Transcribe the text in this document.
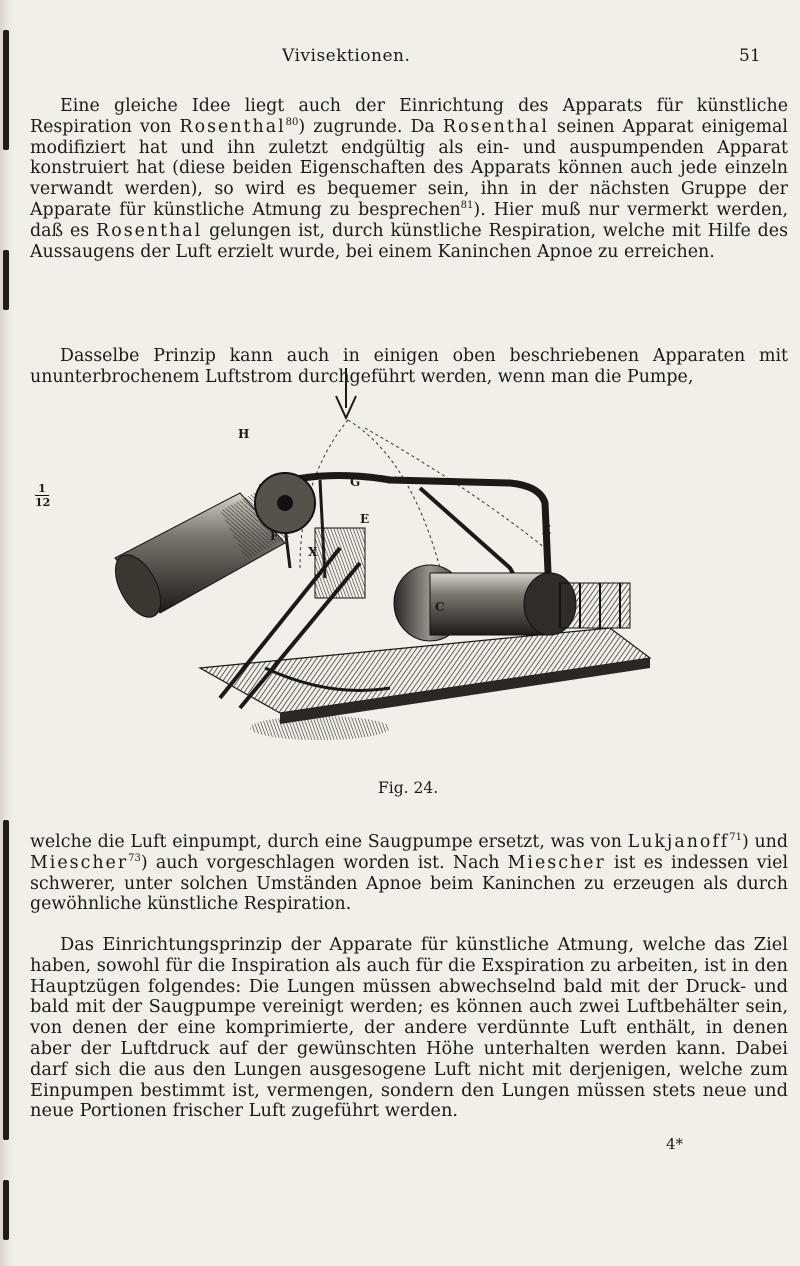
Vivisektionen.	51

Eine gleiche Idee liegt auch der Einrichtung des Apparats für künstliche Respiration von Rosenthal$^{80}$) zugrunde. Da Rosenthal seinen Apparat einigemal modifiziert hat und ihn zuletzt endgültig als ein- und auspumpenden Apparat konstruiert hat (diese beiden Eigenschaften des Apparats können auch jede einzeln verwandt werden), so wird es bequemer sein, ihn in der nächsten Gruppe der Apparate für künstliche Atmung zu besprechen$^{81}$). Hier muß nur vermerkt werden, daß es Rosenthal gelungen ist, durch künstliche Respiration, welche mit Hilfe des Aussaugens der Luft erzielt wurde, bei einem Kaninchen Apnoe zu erreichen.

Dasselbe Prinzip kann auch in einigen oben beschriebenen Apparaten mit ununterbrochenem Luftstrom durchgeführt werden, wenn man die Pumpe,

H
G
E
F
X
Z
C
$\frac{1}{12}$
Fig. 24.

welche die Luft einpumpt, durch eine Saugpumpe ersetzt, was von Lukjanoff$^{71}$) und Miescher$^{73}$) auch vorgeschlagen worden ist. Nach Miescher ist es indessen viel schwerer, unter solchen Umständen Apnoe beim Kaninchen zu erzeugen als durch gewöhnliche künstliche Respiration.

Das Einrichtungsprinzip der Apparate für künstliche Atmung, welche das Ziel haben, sowohl für die Inspiration als auch für die Exspiration zu arbeiten, ist in den Hauptzügen folgendes: Die Lungen müssen abwechselnd bald mit der Druck- und bald mit der Saugpumpe vereinigt werden; es können auch zwei Luftbehälter sein, von denen der eine komprimierte, der andere verdünnte Luft enthält, in denen aber der Luftdruck auf der gewünschten Höhe unterhalten werden kann. Dabei darf sich die aus den Lungen ausgesogene Luft nicht mit derjenigen, welche zum Einpumpen bestimmt ist, vermengen, sondern den Lungen müssen stets neue und neue Portionen frischer Luft zugeführt werden.

4*
